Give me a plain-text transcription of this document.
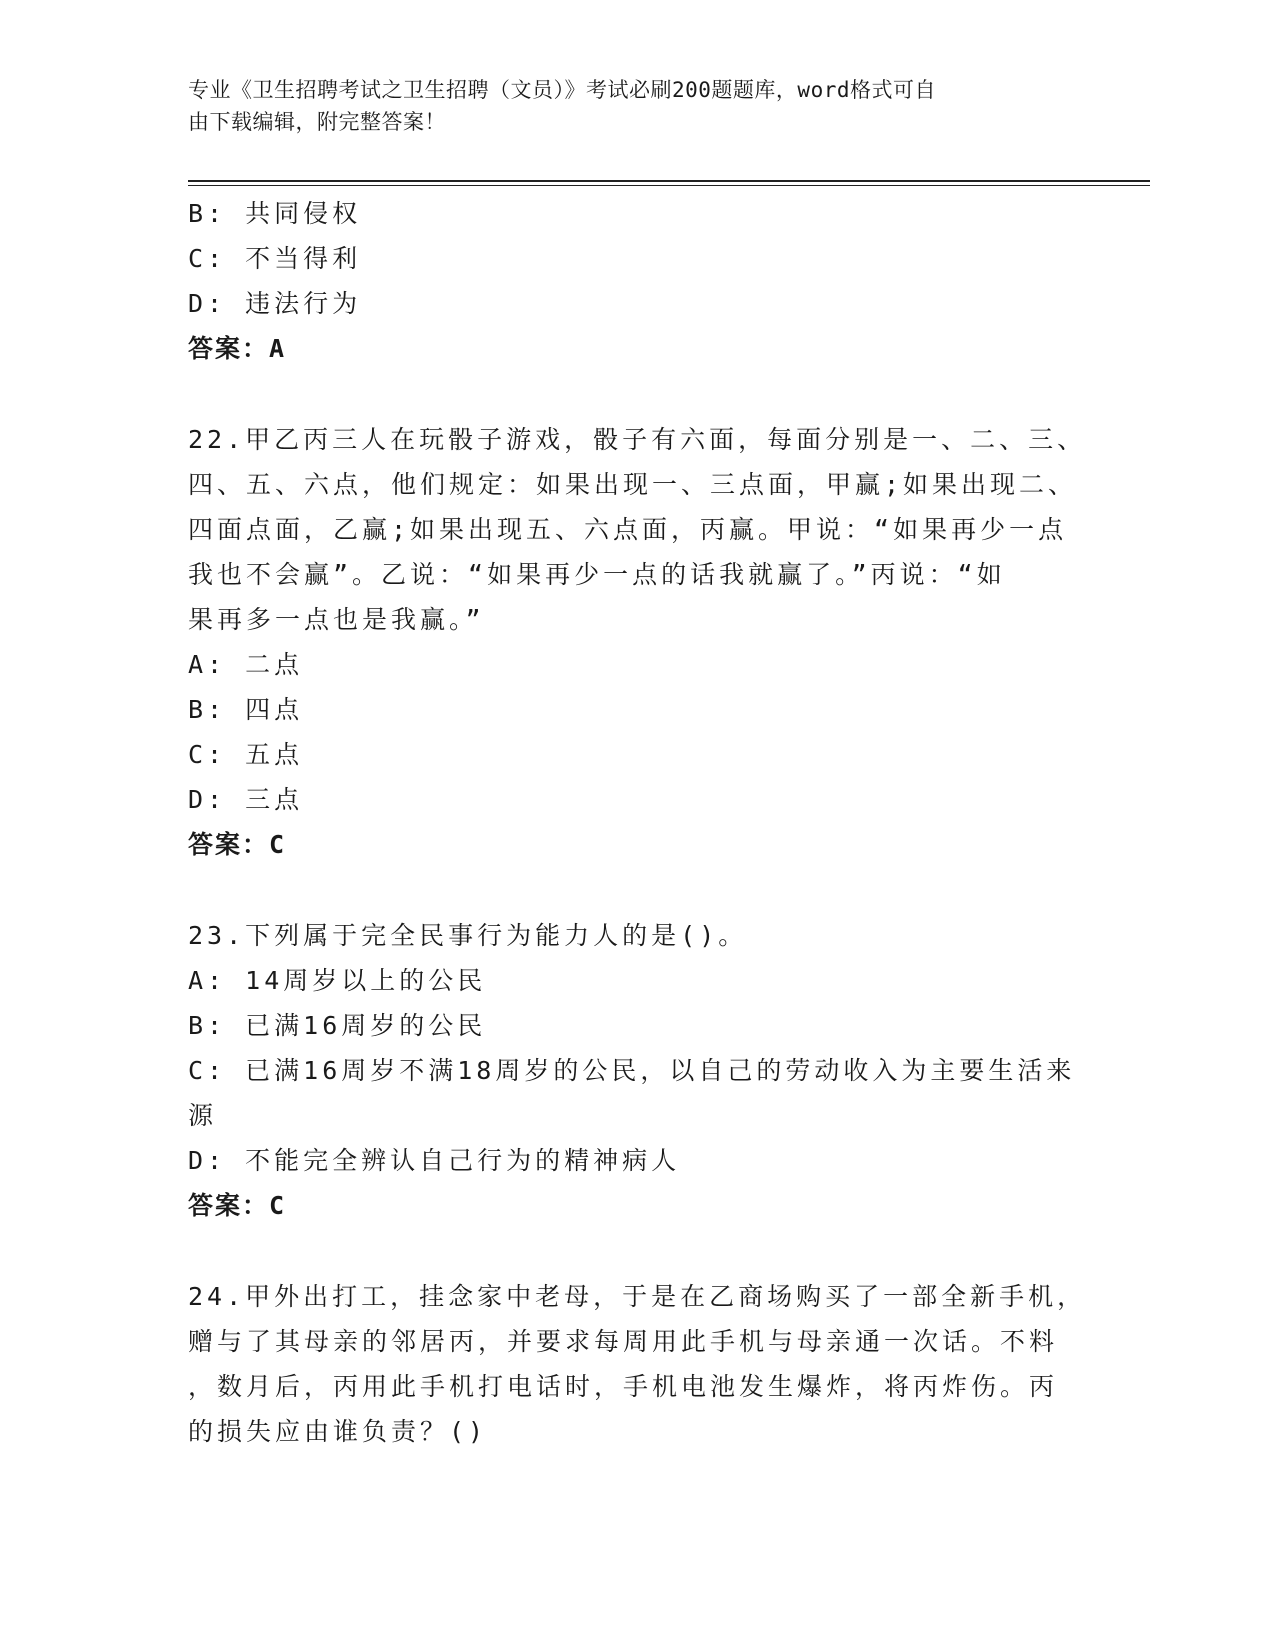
专业《卫生招聘考试之卫生招聘（文员）》考试必刷200题题库，word格式可自
由下载编辑，附完整答案！
B: 共同侵权
C: 不当得利
D: 违法行为
答案：A
22.甲乙丙三人在玩骰子游戏，骰子有六面，每面分别是一、二、三、
四、五、六点，他们规定：如果出现一、三点面，甲赢;如果出现二、
四面点面，乙赢;如果出现五、六点面，丙赢。甲说：“如果再少一点
我也不会赢”。乙说：“如果再少一点的话我就赢了。”丙说：“如
果再多一点也是我赢。”
A: 二点
B: 四点
C: 五点
D: 三点
答案：C
23.下列属于完全民事行为能力人的是()。
A: 14周岁以上的公民
B: 已满16周岁的公民
C: 已满16周岁不满18周岁的公民，以自己的劳动收入为主要生活来
源
D: 不能完全辨认自己行为的精神病人
答案：C
24.甲外出打工，挂念家中老母，于是在乙商场购买了一部全新手机，
赠与了其母亲的邻居丙，并要求每周用此手机与母亲通一次话。不料
，数月后，丙用此手机打电话时，手机电池发生爆炸，将丙炸伤。丙
的损失应由谁负责？()
